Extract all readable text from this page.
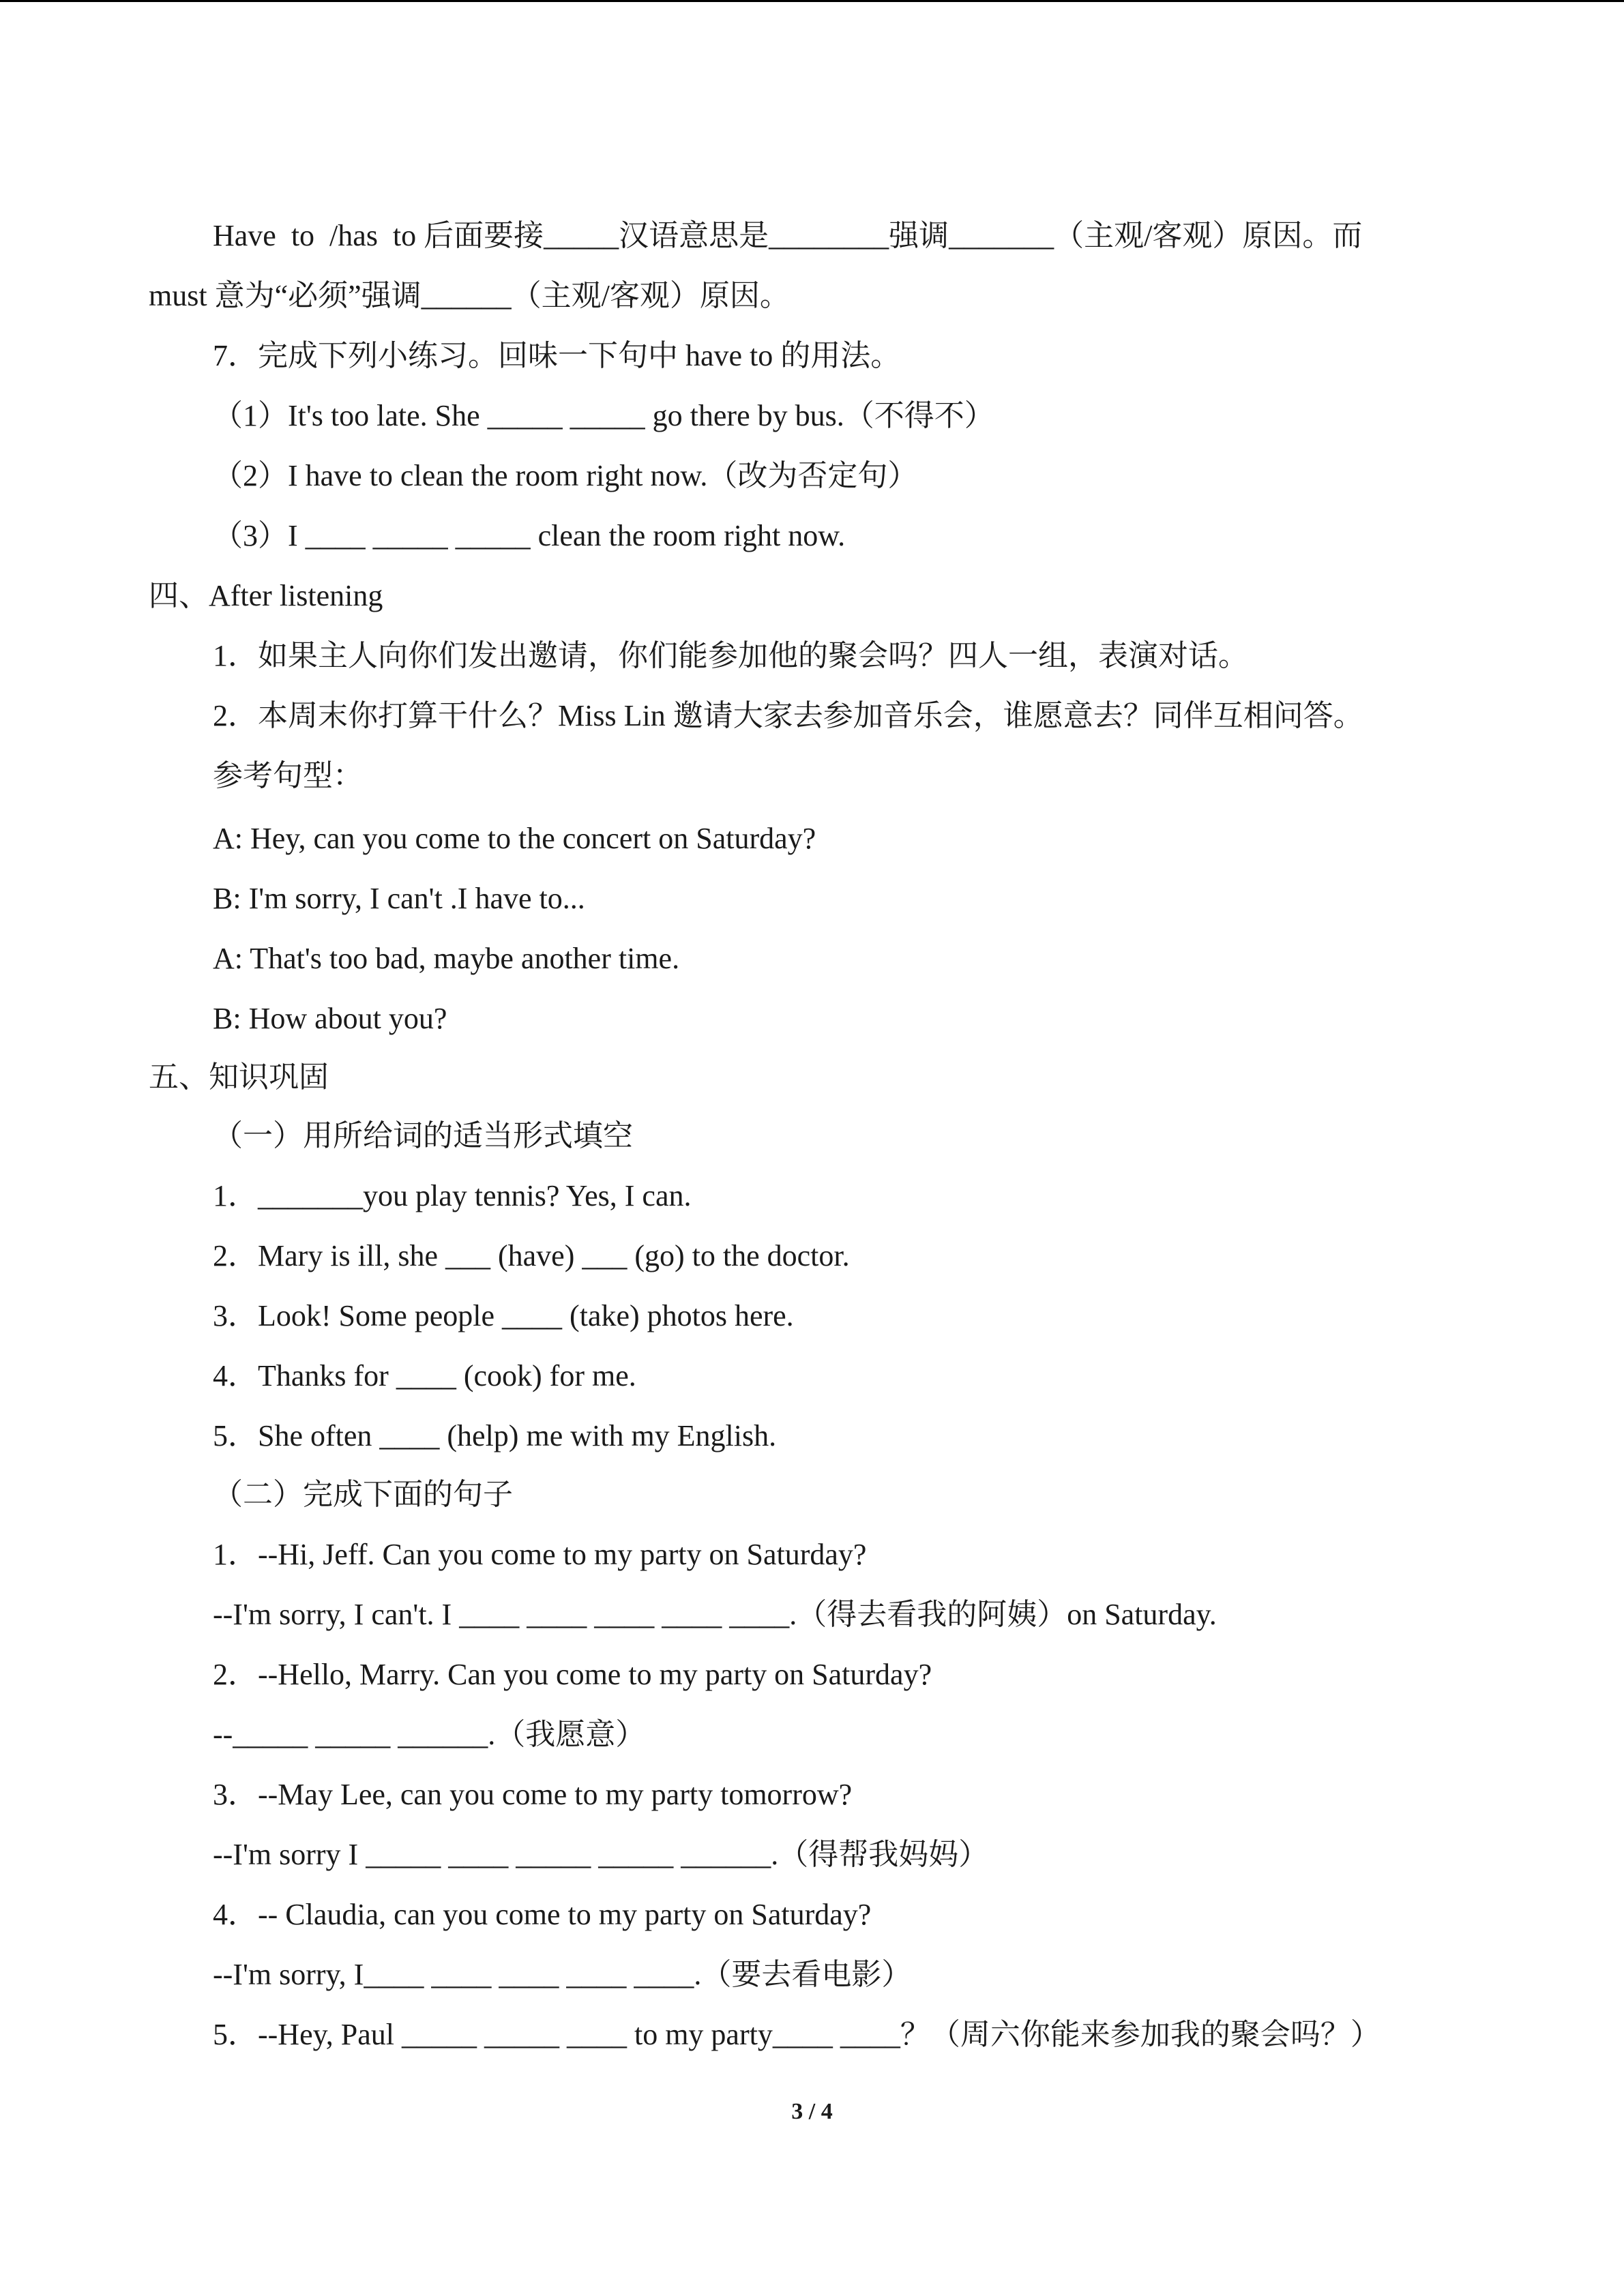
Have  to  /has  to 后面要接_____汉语意思是________强调_______（主观/客观）原因。而
must 意为“必须”强调______（主观/客观）原因。
7．完成下列小练习。回味一下句中 have to 的用法。
（1）It's too late. She _____ _____ go there by bus.（不得不）
（2）I have to clean the room right now.（改为否定句）
（3）I ____ _____ _____ clean the room right now.
四、After listening
1．如果主人向你们发出邀请，你们能参加他的聚会吗？四人一组，表演对话。
2．本周末你打算干什么？Miss Lin 邀请大家去参加音乐会，谁愿意去？同伴互相问答。
参考句型：
A: Hey, can you come to the concert on Saturday?
B: I'm sorry, I can't .I have to...
A: That's too bad, maybe another time.
B: How about you?
五、知识巩固
（一）用所给词的适当形式填空
1．_______you play tennis? Yes, I can.
2．Mary is ill, she ___ (have) ___ (go) to the doctor.
3．Look! Some people ____ (take) photos here.
4．Thanks for ____ (cook) for me.
5．She often ____ (help) me with my English.
（二）完成下面的句子
1．--Hi, Jeff. Can you come to my party on Saturday?
--I'm sorry, I can't. I ____ ____ ____ ____ ____.（得去看我的阿姨）on Saturday.
2．--Hello, Marry. Can you come to my party on Saturday?
--_____ _____ ______.（我愿意）
3．--May Lee, can you come to my party tomorrow?
--I'm sorry I _____ ____ _____ _____ ______.（得帮我妈妈）
4．-- Claudia, can you come to my party on Saturday?
--I'm sorry, I____ ____ ____ ____ ____.（要去看电影）
5．--Hey, Paul _____ _____ ____ to my party____ ____？（周六你能来参加我的聚会吗？）
3 / 4
